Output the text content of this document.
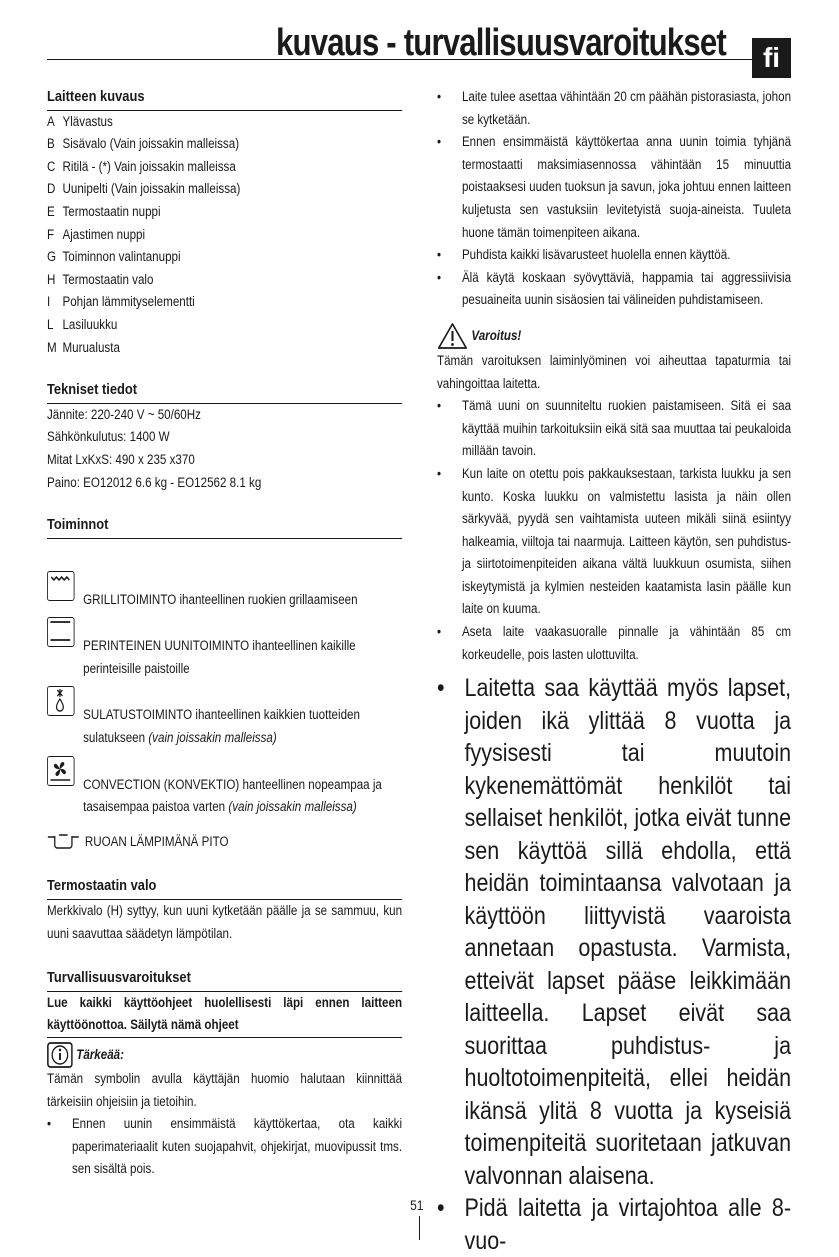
kuvaus - turvallisuusvaroitukset	fi
Laitteen kuvaus
A Ylävastus
B Sisävalo (Vain joissakin malleissa)
C Ritilä - (*) Vain joissakin malleissa
D Uunipelti (Vain joissakin malleissa)
E Termostaatin nuppi
F Ajastimen nuppi
G Toiminnon valintanuppi
H Termostaatin valo
I Pohjan lämmityselementti
L Lasiluukku
M Murualusta
Tekniset tiedot
Jännite: 220-240 V ~ 50/60Hz
Sähkönkulutus: 1400 W
Mitat LxKxS: 490 x 235 x370
Paino: EO12012 6.6 kg - EO12562 8.1 kg
Toiminnot
GRILLITOIMINTO ihanteellinen ruokien grillaamiseen
PERINTEINEN UUNITOIMINTO ihanteellinen kaikille perinteisille paistoille
SULATUSTOIMINTO ihanteellinen kaikkien tuotteiden sulatukseen (vain joissakin malleissa)
CONVECTION (KONVEKTIO) hanteellinen nopeampaa ja tasaisempaa paistoa varten (vain joissakin malleissa)
RUOAN LÄMPIMÄNÄ PITO
Termostaatin valo

Merkkivalo (H) syttyy, kun uuni kytketään päälle ja se sammuu, kun uuni saavuttaa säädetyn lämpötilan.

Turvallisuusvaroitukset
Lue kaikki käyttöohjeet huolellisesti läpi ennen laitteen käyttöönottoa. Säilytä nämä ohjeet
Tärkeää:

Tämän symbolin avulla käyttäjän huomio halutaan kiinnittää tärkeisiin ohjeisiin ja tietoihin.

• Ennen uunin ensimmäistä käyttökertaa, ota kaikki paperimateriaalit kuten suojapahvit, ohjekirjat, muovipussit tms. sen sisältä pois.
• Laite tulee asettaa vähintään 20 cm päähän pistorasiasta, johon se kytketään.
• Ennen ensimmäistä käyttökertaa anna uunin toimia tyhjänä termostaatti maksimiasennossa vähintään 15 minuuttia poistaaksesi uuden tuoksun ja savun, joka johtuu ennen laitteen kuljetusta sen vastuksiin levitetyistä suoja-aineista. Tuuleta huone tämän toimenpiteen aikana.
• Puhdista kaikki lisävarusteet huolella ennen käyttöä.
• Älä käytä koskaan syövyttäviä, happamia tai aggressiivisia pesuaineita uunin sisäosien tai välineiden puhdistamiseen.
Varoitus!

Tämän varoituksen laiminlyöminen voi aiheuttaa tapaturmia tai vahingoittaa laitetta.

• Tämä uuni on suunniteltu ruokien paistamiseen. Sitä ei saa käyttää muihin tarkoituksiin eikä sitä saa muuttaa tai peukaloida millään tavoin.
• Kun laite on otettu pois pakkauksestaan, tarkista luukku ja sen kunto. Koska luukku on valmistettu lasista ja näin ollen särkyvää, pyydä sen vaihtamista uuteen mikäli siinä esiintyy halkeamia, viiltoja tai naarmuja. Laitteen käytön, sen puhdistus- ja siirtotoimenpiteiden aikana vältä luukkuun osumista, siihen iskeytymistä ja kylmien nesteiden kaatamista lasin päälle kun laite on kuuma.
• Aseta laite vaakasuoralle pinnalle ja vähintään 85 cm korkeudelle, pois lasten ulottuvilta.
• Laitetta saa käyttää myös lapset, joiden ikä ylittää 8 vuotta ja fyysisesti tai muutoin kykenemättömät henkilöt tai sellaiset henkilöt, jotka eivät tunne sen käyttöä sillä ehdolla, että heidän toimintaansa valvotaan ja käyttöön liittyvistä vaaroista annetaan opastusta. Varmista, etteivät lapset pääse leikkimään laitteella. Lapset eivät saa suorittaa puhdistus- ja huoltotoimenpiteitä, ellei heidän ikänsä ylitä 8 vuotta ja kyseisiä toimenpiteitä suoritetaan jatkuvan valvonnan alaisena.
• Pidä laitetta ja virtajohtoa alle 8-vuo-
51
